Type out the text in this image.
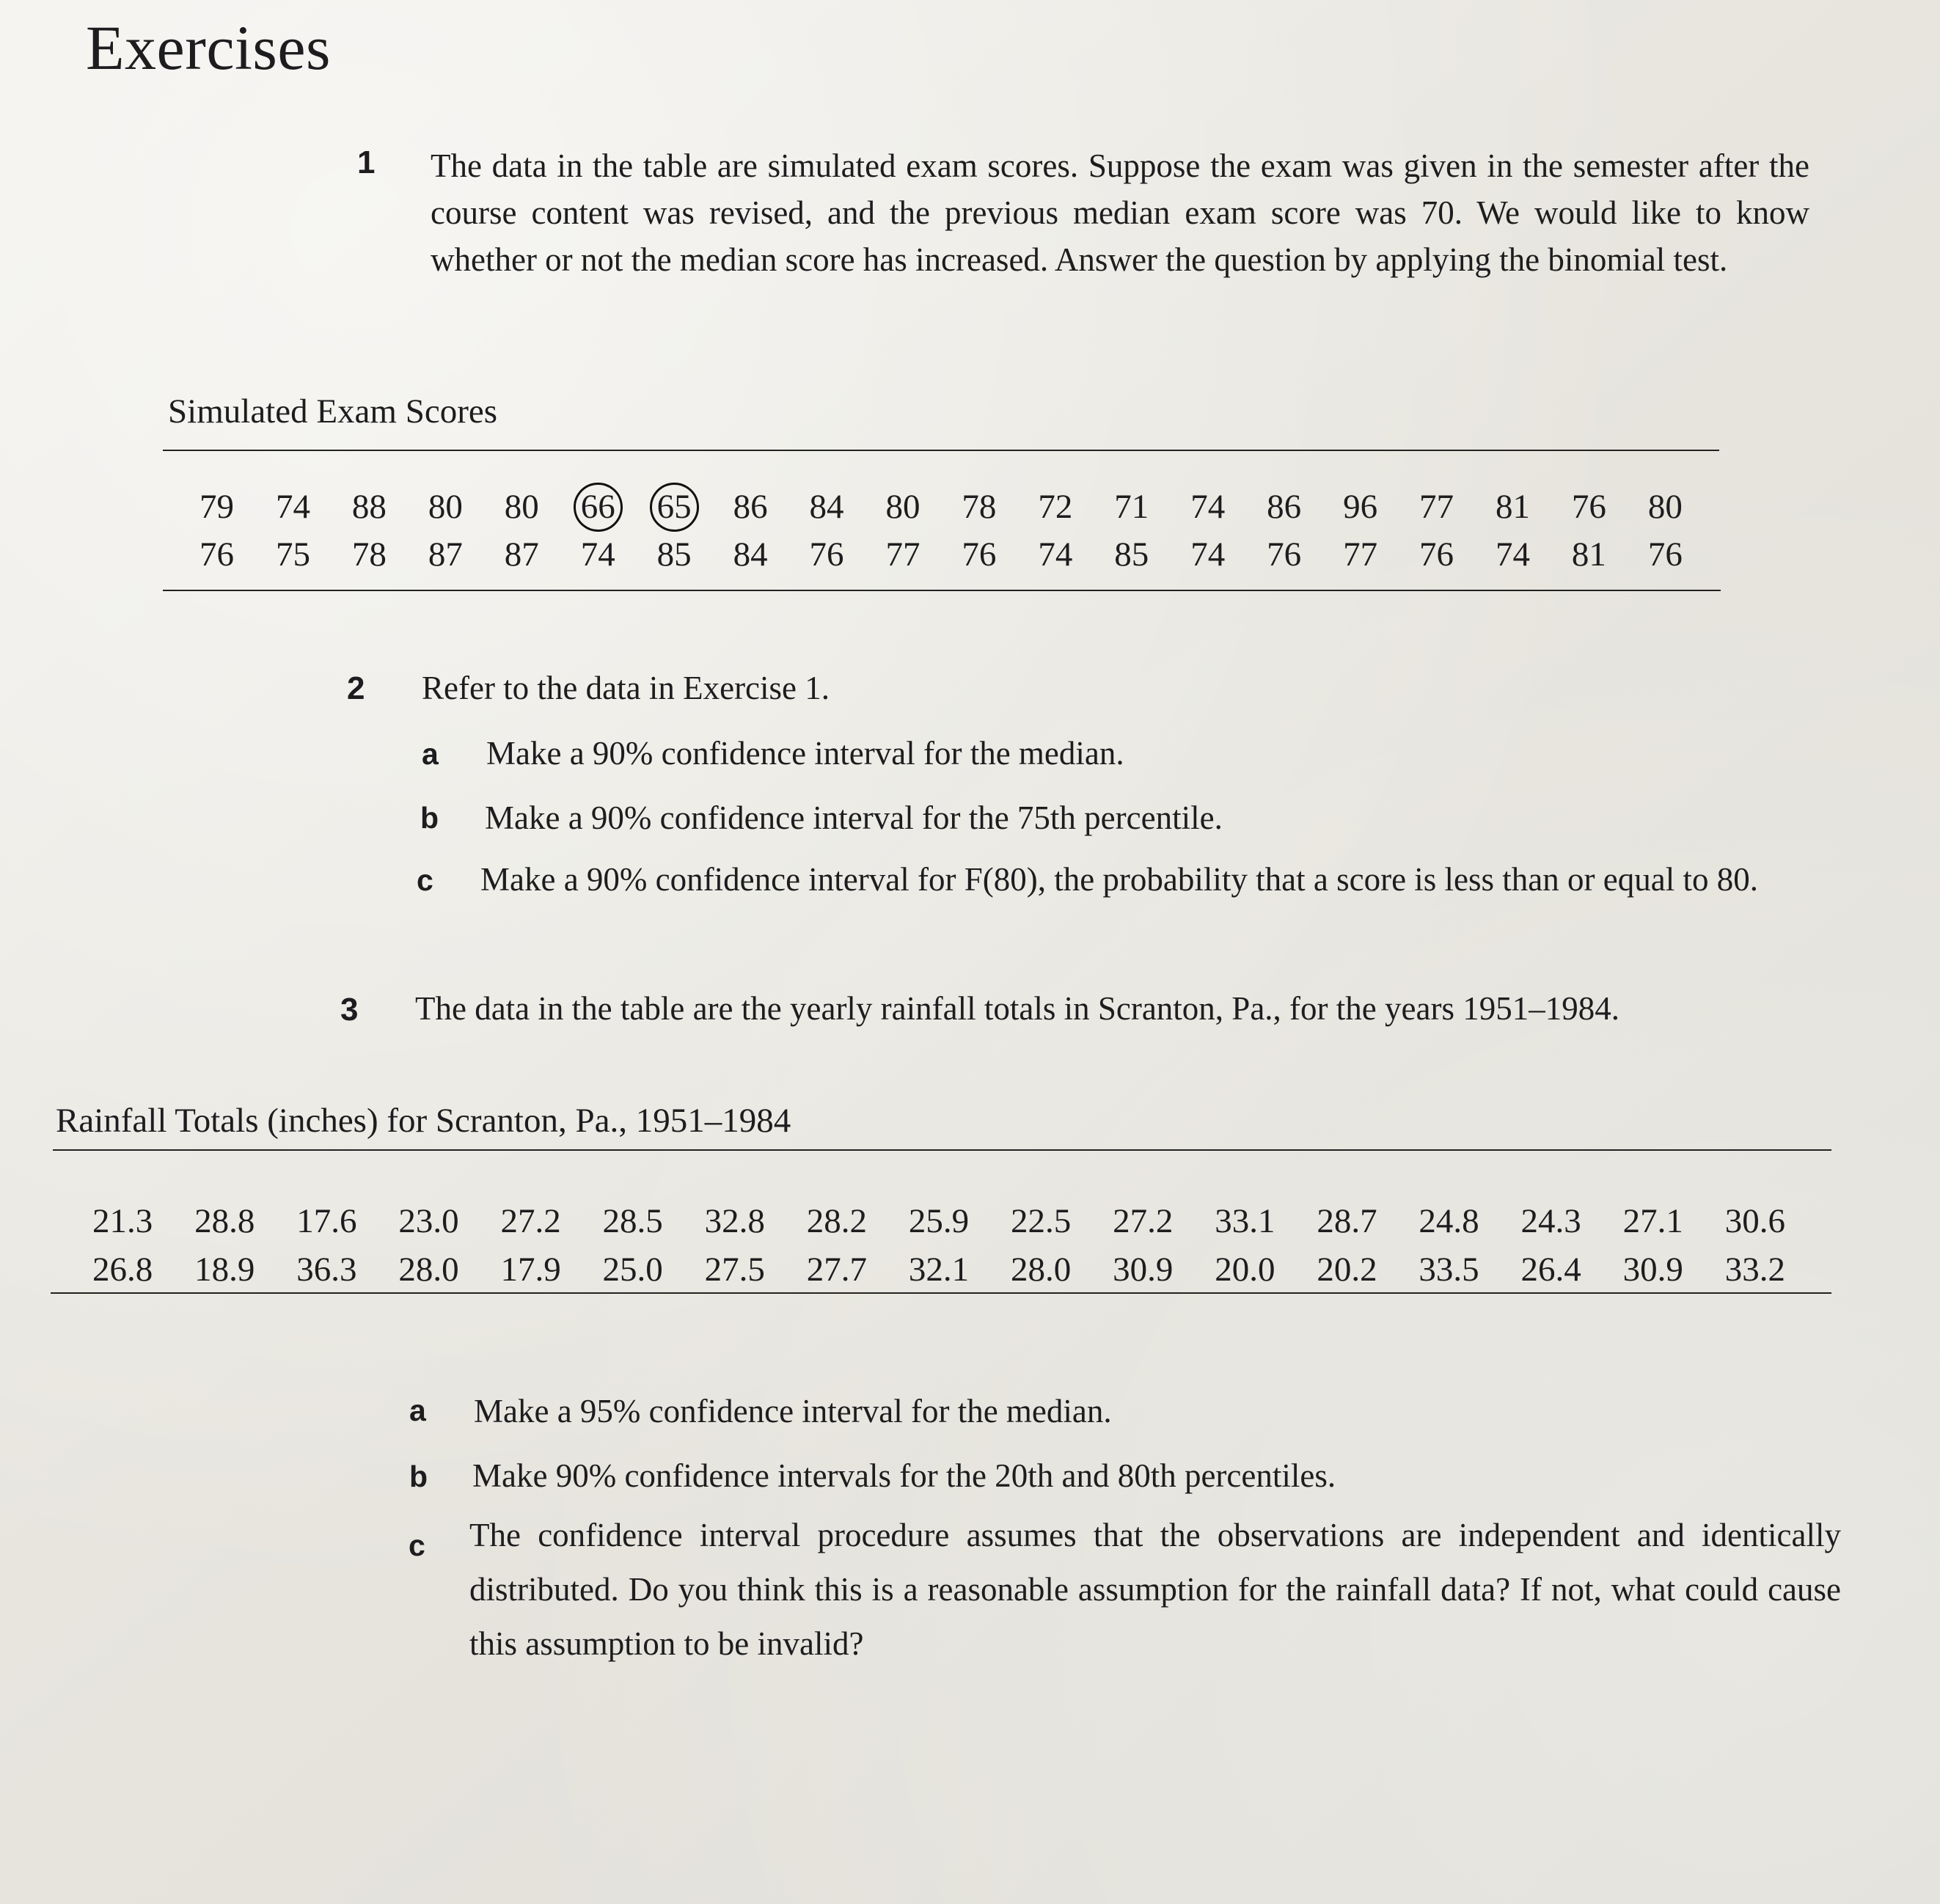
Exercises
1 The data in the table are simulated exam scores. Suppose the exam was given in the semester after the course content was revised, and the previous median exam score was 70. We would like to know whether or not the median score has increased. Answer the question by applying the binomial test.

Simulated Exam Scores
79 74 88 80 80 66 65 86 84 80 78 72 71 74 86 96 77 81 76 80
76 75 78 87 87 74 85 84 76 77 76 74 85 74 76 77 76 74 81 76
2 Refer to the data in Exercise 1.

a Make a 90% confidence interval for the median.

b Make a 90% confidence interval for the 75th percentile.

c Make a 90% confidence interval for F(80), the probability that a score is less than or equal to 80.

3 The data in the table are the yearly rainfall totals in Scranton, Pa., for the years 1951–1984.

Rainfall Totals (inches) for Scranton, Pa., 1951–1984
21.3 28.8 17.6 23.0 27.2 28.5 32.8 28.2 25.9 22.5 27.2 33.1 28.7 24.8 24.3 27.1 30.6
26.8 18.9 36.3 28.0 17.9 25.0 27.5 27.7 32.1 28.0 30.9 20.0 20.2 33.5 26.4 30.9 33.2
a Make a 95% confidence interval for the median.

b Make 90% confidence intervals for the 20th and 80th percentiles.

c The confidence interval procedure assumes that the observations are independent and identically distributed. Do you think this is a reasonable assumption for the rainfall data? If not, what could cause this assumption to be invalid?
